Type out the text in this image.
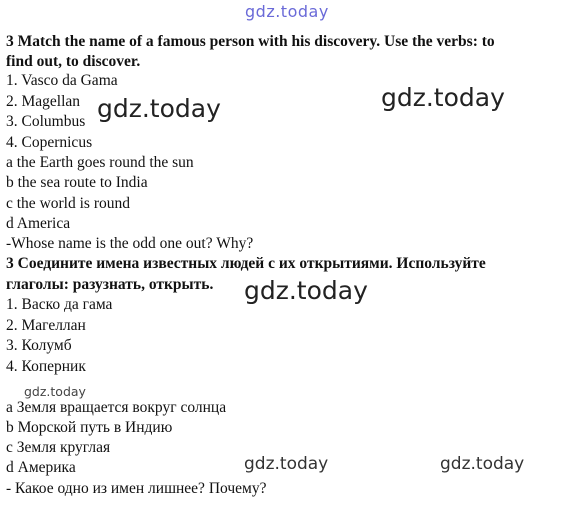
gdz.today
3 Match the name of a famous person with his discovery. Use the verbs: to
find out, to discover.
1. Vasco da Gama
2. Magellan
3. Columbus
4. Copernicus
a the Earth goes round the sun
b the sea route to India
c the world is round
d America
-Whose name is the odd one out? Why?
3 Соедините имена известных людей с их открытиями. Используйте
глаголы: разузнать, открыть.
1. Васко да гама
2. Магеллан
3. Колумб
4. Коперник
a Земля вращается вокруг солнца
b Морской путь в Индию
c Земля круглая
d Америка
- Какое одно из имен лишнее? Почему?
gdz.today	gdz.today
gdz.today
gdz.today
gdz.today	gdz.today
